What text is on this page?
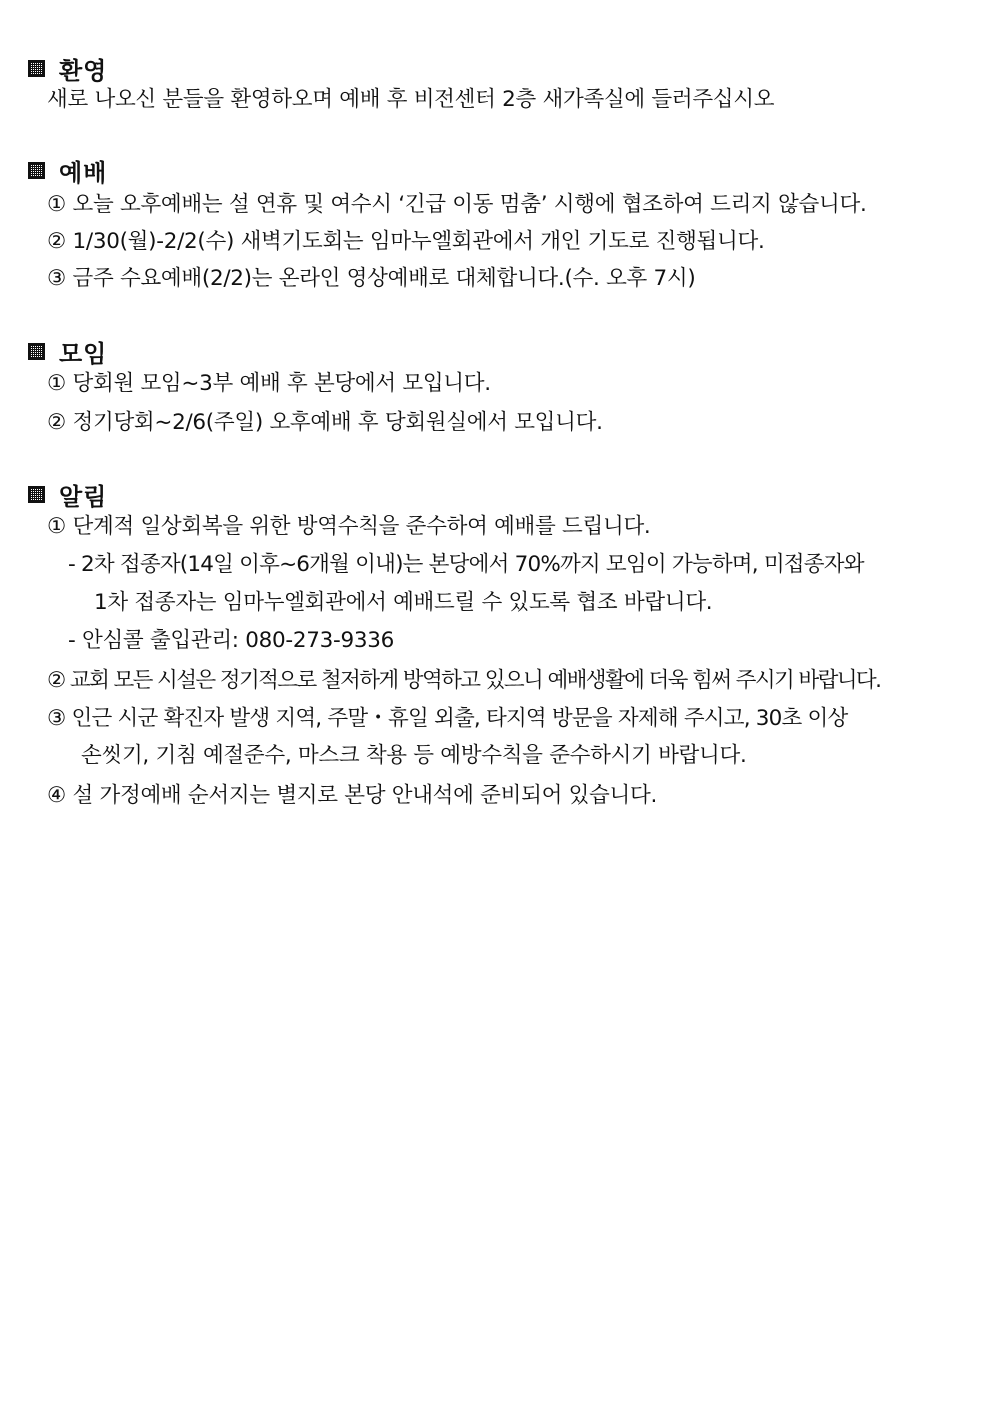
환영
새로 나오신 분들을 환영하오며 예배 후 비전센터 2층 새가족실에 들러주십시오
예배
① 오늘 오후예배는 설 연휴 및 여수시 ‘긴급 이동 멈춤’ 시행에 협조하여 드리지 않습니다.
② 1/30(월)-2/2(수) 새벽기도회는 임마누엘회관에서 개인 기도로 진행됩니다.
③ 금주 수요예배(2/2)는 온라인 영상예배로 대체합니다.(수. 오후 7시)
모임
① 당회원 모임~3부 예배 후 본당에서 모입니다.
② 정기당회~2/6(주일) 오후예배 후 당회원실에서 모입니다.
알림
① 단계적 일상회복을 위한 방역수칙을 준수하여 예배를 드립니다.
- 2차 접종자(14일 이후~6개월 이내)는 본당에서 70%까지 모임이 가능하며, 미접종자와
1차 접종자는 임마누엘회관에서 예배드릴 수 있도록 협조 바랍니다.
- 안심콜 출입관리: 080-273-9336
② 교회 모든 시설은 정기적으로 철저하게 방역하고 있으니 예배생활에 더욱 힘써 주시기 바랍니다.
③ 인근 시군 확진자 발생 지역, 주말・휴일 외출, 타지역 방문을 자제해 주시고, 30초 이상
손씻기, 기침 예절준수, 마스크 착용 등 예방수칙을 준수하시기 바랍니다.
④ 설 가정예배 순서지는 별지로 본당 안내석에 준비되어 있습니다.
